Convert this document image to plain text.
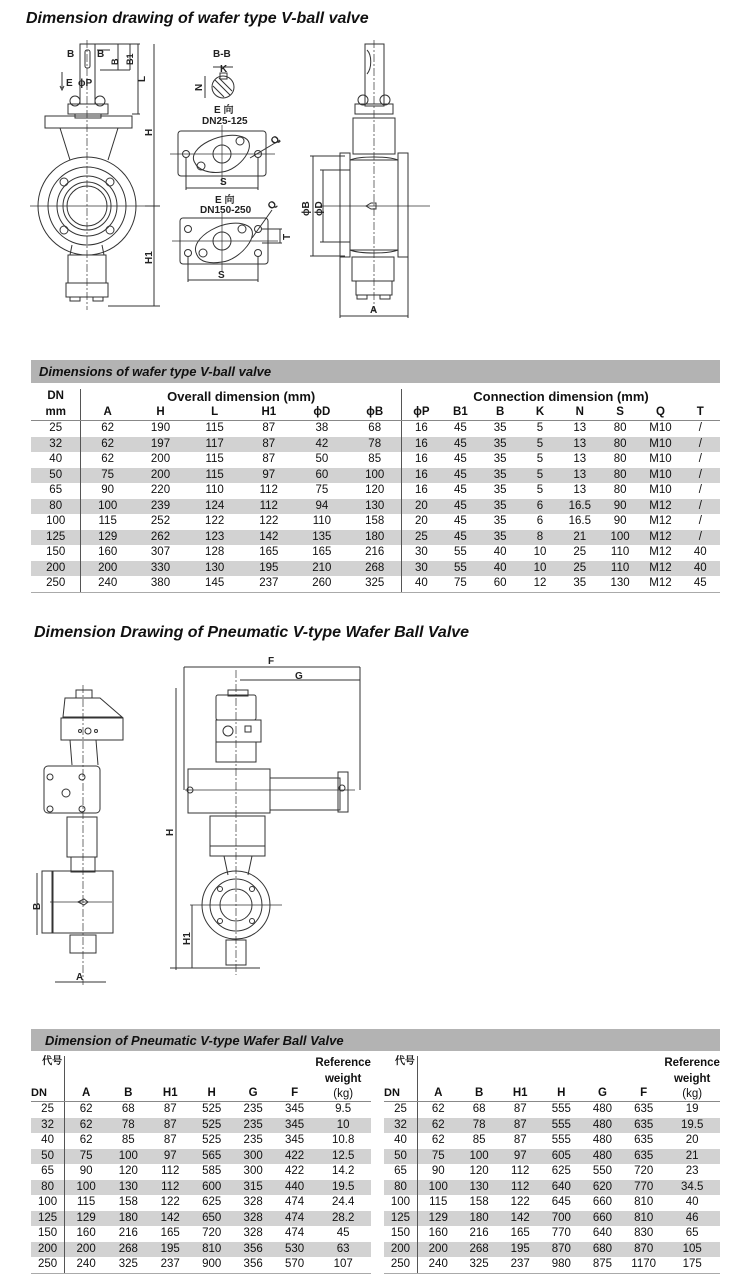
Dimension drawing of wafer type V-ball valve
B B
B B1
E ϕP	L
H
H1
B-B
K
N
E 向
DN25-125
S
Q
E 向
DN150-250
S
Q
T
ϕB ϕD
A
Dimensions of wafer type V-ball valve
DN	Overall dimension (mm)						Connection dimension (mm)							
mm	A	H	L	H1	ϕD	ϕB	ϕP	B1	B	K	N	S	Q	T
25	62	190	115	87	38	68	16	45	35	5	13	80	M10	/
32	62	197	117	87	42	78	16	45	35	5	13	80	M10	/
40	62	200	115	87	50	85	16	45	35	5	13	80	M10	/
50	75	200	115	97	60	100	16	45	35	5	13	80	M10	/
65	90	220	110	112	75	120	16	45	35	5	13	80	M10	/
80	100	239	124	112	94	130	20	45	35	6	16.5	90	M12	/
100	115	252	122	122	110	158	20	45	35	6	16.5	90	M12	/
125	129	262	123	142	135	180	25	45	35	8	21	100	M12	/
150	160	307	128	165	165	216	30	55	40	10	25	110	M12	40
200	200	330	130	195	210	268	30	55	40	10	25	110	M12	40
250	240	380	145	237	260	325	40	75	60	12	35	130	M12	45
Dimension Drawing of Pneumatic V-type Wafer Ball Valve
B
A
F
G
H
H1
Dimension of Pneumatic V-type Wafer Ball Valve
代号
DN	A	B	H1	H	G	F	
Reference
weight
(kg)

25	62	68	87	525	235	345	9.5
32	62	78	87	525	235	345	10
40	62	85	87	525	235	345	10.8
50	75	100	97	565	300	422	12.5
65	90	120	112	585	300	422	14.2
80	100	130	112	600	315	440	19.5
100	115	158	122	625	328	474	24.4
125	129	180	142	650	328	474	28.2
150	160	216	165	720	328	474	45
200	200	268	195	810	356	530	63
250	240	325	237	900	356	570	107
代号
DN	A	B	H1	H	G	F	
Reference
weight
(kg)

25	62	68	87	555	480	635	19
32	62	78	87	555	480	635	19.5
40	62	85	87	555	480	635	20
50	75	100	97	605	480	635	21
65	90	120	112	625	550	720	23
80	100	130	112	640	620	770	34.5
100	115	158	122	645	660	810	40
125	129	180	142	700	660	810	46
150	160	216	165	770	640	830	65
200	200	268	195	870	680	870	105
250	240	325	237	980	875	1170	175
